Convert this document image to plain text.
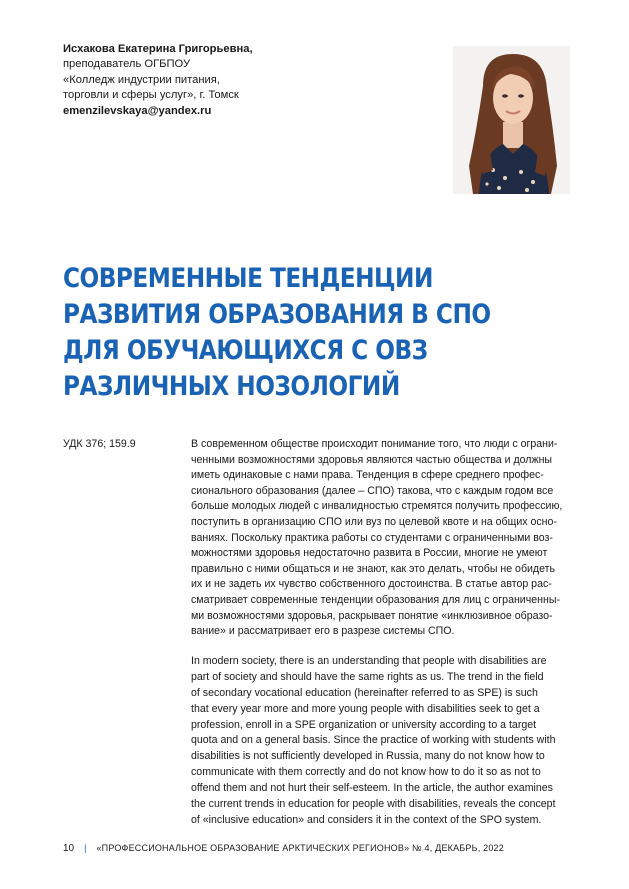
Исхакова Екатерина Григорьевна,
преподаватель ОГБПОУ
«Колледж индустрии питания,
торговли и сферы услуг», г. Томск
emenzilevskaya@yandex.ru
СОВРЕМЕННЫЕ ТЕНДЕНЦИИ
РАЗВИТИЯ ОБРАЗОВАНИЯ В СПО
ДЛЯ ОБУЧАЮЩИХСЯ С ОВЗ
РАЗЛИЧНЫХ НОЗОЛОГИЙ
УДК 376; 159.9	В современном обществе происходит понимание того, что люди с ограни-
ченными возможностями здоровья являются частью общества и должны
иметь одинаковые с нами права. Тенденция в сфере среднего профес-
сионального образования (далее – СПО) такова, что с каждым годом все
больше молодых людей с инвалидностью стремятся получить профессию,
поступить в организацию СПО или вуз по целевой квоте и на общих осно-
ваниях. Поскольку практика работы со студентами с ограниченными воз-
можностями здоровья недостаточно развита в России, многие не умеют
правильно с ними общаться и не знают, как это делать, чтобы не обидеть
их и не задеть их чувство собственного достоинства. В статье автор рас-
сматривает современные тенденции образования для лиц с ограниченны-
ми возможностями здоровья, раскрывает понятие «инклюзивное образо-
вание» и рассматривает его в разрезе системы СПО.
In modern society, there is an understanding that people with disabilities are
part of society and should have the same rights as us. The trend in the field
of secondary vocational education (hereinafter referred to as SPE) is such
that every year more and more young people with disabilities seek to get a
profession, enroll in a SPE organization or university according to a target
quota and on a general basis. Since the practice of working with students with
disabilities is not sufficiently developed in Russia, many do not know how to
communicate with them correctly and do not know how to do it so as not to
offend them and not hurt their self-esteem. In the article, the author examines
the current trends in education for people with disabilities, reveals the concept
of «inclusive education» and considers it in the context of the SPO system.
10 | «ПРОФЕССИОНАЛЬНОЕ ОБРАЗОВАНИЕ АРКТИЧЕСКИХ РЕГИОНОВ» № 4, ДЕКАБРЬ, 2022
